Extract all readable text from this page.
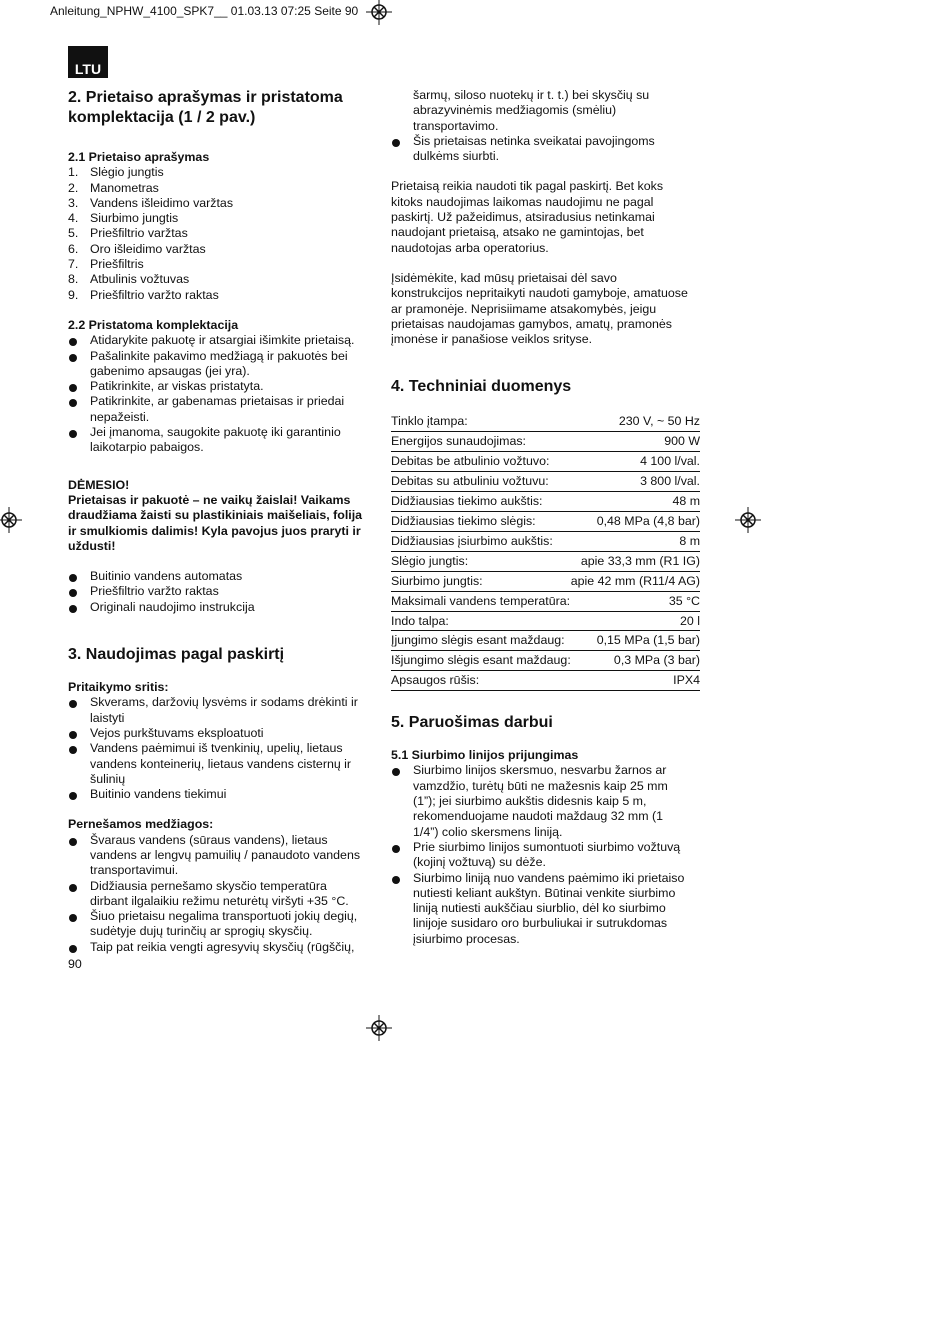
Anleitung_NPHW_4100_SPK7__ 01.03.13 07:25 Seite 90
LTU
2. Prietaiso aprašymas ir pristatoma komplektacija (1 / 2 pav.)
2.1 Prietaiso aprašymas
1. Slėgio jungtis
2. Manometras
3. Vandens išleidimo varžtas
4. Siurbimo jungtis
5. Priešfiltrio varžtas
6. Oro išleidimo varžtas
7. Priešfiltris
8. Atbulinis vožtuvas
9. Priešfiltrio varžto raktas
2.2 Pristatoma komplektacija
Atidarykite pakuotę ir atsargiai išimkite prietaisą.
Pašalinkite pakavimo medžiagą ir pakuotės bei gabenimo apsaugas (jei yra).
Patikrinkite, ar viskas pristatyta.
Patikrinkite, ar gabenamas prietaisas ir priedai nepažeisti.
Jei įmanoma, saugokite pakuotę iki garantinio laikotarpio pabaigos.

DĖMESIO!

Prietaisas ir pakuotė – ne vaikų žaislai! Vaikams draudžiama žaisti su plastikiniais maišeliais, folija ir smulkiomis dalimis! Kyla pavojus juos praryti ir uždusti!

Buitinio vandens automatas
Priešfiltrio varžto raktas
Originali naudojimo instrukcija
3. Naudojimas pagal paskirtį
Pritaikymo sritis:
Skverams, daržovių lysvėms ir sodams drėkinti ir laistyti
Vejos purkštuvams eksploatuoti
Vandens paėmimui iš tvenkinių, upelių, lietaus vandens konteinerių, lietaus vandens cisternų ir šulinių
Buitinio vandens tiekimui
Pernešamos medžiagos:
Švaraus vandens (sūraus vandens), lietaus vandens ar lengvų pamuilių / panaudoto vandens transportavimui.
Didžiausia pernešamo skysčio temperatūra dirbant ilgalaikiu režimu neturėtų viršyti +35 °C.
Šiuo prietaisu negalima transportuoti jokių degių, sudėtyje dujų turinčių ar sprogių skysčių.
Taip pat reikia vengti agresyvių skysčių (rūgščių,
šarmų, siloso nuotekų ir t. t.) bei skysčių su abrazyvinėmis medžiagomis (smėliu) transportavimo.
Šis prietaisas netinka sveikatai pavojingoms dulkėms siurbti.

Prietaisą reikia naudoti tik pagal paskirtį. Bet koks kitoks naudojimas laikomas naudojimu ne pagal paskirtį. Už pažeidimus, atsiradusius netinkamai naudojant prietaisą, atsako ne gamintojas, bet naudotojas arba operatorius.

Įsidėmėkite, kad mūsų prietaisai dėl savo konstrukcijos nepritaikyti naudoti gamyboje, amatuose ar pramonėje. Neprisiimame atsakomybės, jeigu prietaisas naudojamas gamybos, amatų, pramonės įmonėse ir panašiose veiklos srityse.

4. Techniniai duomenys
Tinklo įtampa:	230 V, ~ 50 Hz
Energijos sunaudojimas:	900 W
Debitas be atbulinio vožtuvo:	4 100 l/val.
Debitas su atbuliniu vožtuvu:	3 800 l/val.
Didžiausias tiekimo aukštis:	48 m
Didžiausias tiekimo slėgis:	0,48 MPa (4,8 bar)
Didžiausias įsiurbimo aukštis:	8 m
Slėgio jungtis:	apie 33,3 mm (R1 IG)
Siurbimo jungtis:	apie 42 mm (R11/4 AG)
Maksimali vandens temperatūra:	35 °C
Indo talpa:	20 l
Įjungimo slėgis esant maždaug:	0,15 MPa (1,5 bar)
Išjungimo slėgis esant maždaug:	0,3 MPa (3 bar)
Apsaugos rūšis:	IPX4
5. Paruošimas darbui
5.1 Siurbimo linijos prijungimas
Siurbimo linijos skersmuo, nesvarbu žarnos ar vamzdžio, turėtų būti ne mažesnis kaip 25 mm (1”); jei siurbimo aukštis didesnis kaip 5 m, rekomenduojame naudoti maždaug 32 mm (1 1/4”) colio skersmens liniją.
Prie siurbimo linijos sumontuoti siurbimo vožtuvą (kojinį vožtuvą) su dėže.
Siurbimo liniją nuo vandens paėmimo iki prietaiso nutiesti keliant aukštyn. Būtinai venkite siurbimo liniją nutiesti aukščiau siurblio, dėl ko siurbimo linijoje susidaro oro burbuliukai ir sutrukdomas įsiurbimo procesas.
90
